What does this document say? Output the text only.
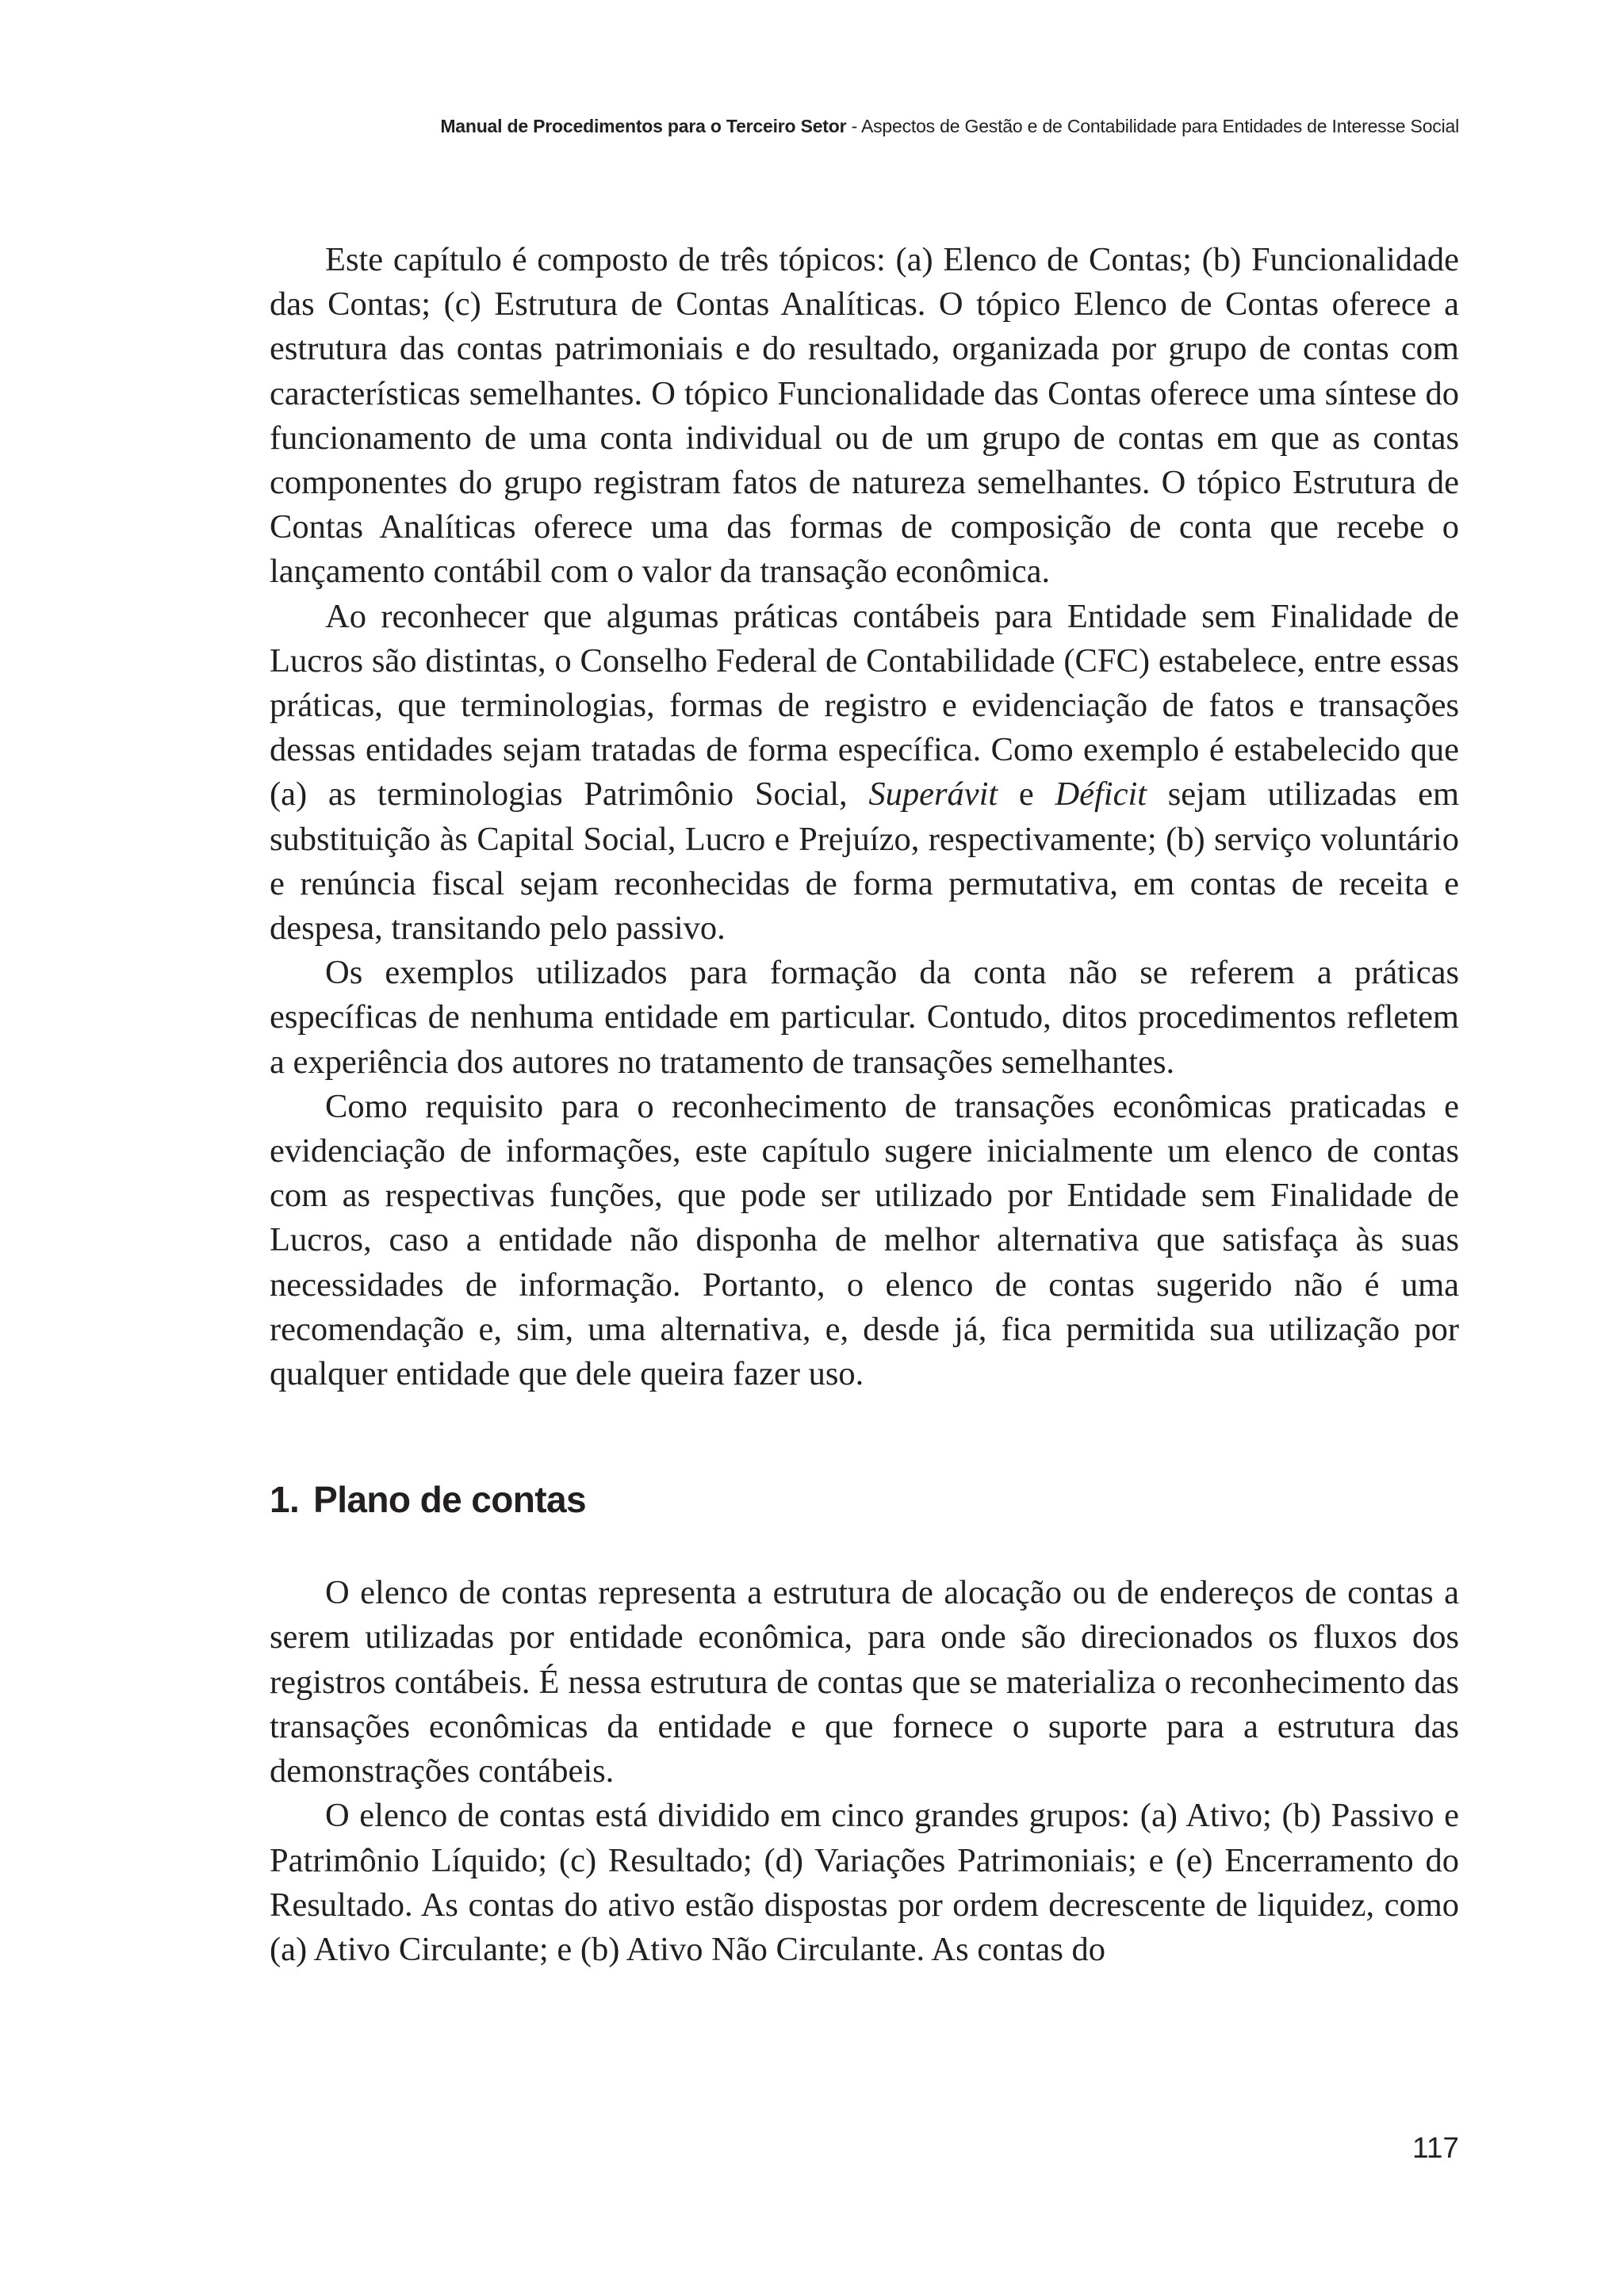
Manual de Procedimentos para o Terceiro Setor - Aspectos de Gestão e de Contabilidade para Entidades de Interesse Social

Este capítulo é composto de três tópicos: (a) Elenco de Contas; (b) Funcionalidade das Contas; (c) Estrutura de Contas Analíticas. O tópico Elenco de Contas oferece a estrutura das contas patrimoniais e do resultado, organizada por grupo de contas com características semelhantes. O tópico Funcionalidade das Contas oferece uma síntese do funcionamento de uma conta individual ou de um grupo de contas em que as contas componentes do grupo registram fatos de natureza semelhantes. O tópico Estrutura de Contas Analíticas oferece uma das formas de composição de conta que recebe o lançamento contábil com o valor da transação econômica.

Ao reconhecer que algumas práticas contábeis para Entidade sem Finalidade de Lucros são distintas, o Conselho Federal de Contabilidade (CFC) estabelece, entre essas práticas, que terminologias, formas de registro e evidenciação de fatos e transações dessas entidades sejam tratadas de forma específica. Como exemplo é estabelecido que (a) as terminologias Patrimônio Social, Superávit e Déficit sejam utilizadas em substituição às Capital Social, Lucro e Prejuízo, respectivamente; (b) serviço voluntário e renúncia fiscal sejam reconhecidas de forma permutativa, em contas de receita e despesa, transitando pelo passivo.

Os exemplos utilizados para formação da conta não se referem a práticas específicas de nenhuma entidade em particular. Contudo, ditos procedimentos refletem a experiência dos autores no tratamento de transações semelhantes.

Como requisito para o reconhecimento de transações econômicas praticadas e evidenciação de informações, este capítulo sugere inicialmente um elenco de contas com as respectivas funções, que pode ser utilizado por Entidade sem Finalidade de Lucros, caso a entidade não disponha de melhor alternativa que satisfaça às suas necessidades de informação. Portanto, o elenco de contas sugerido não é uma recomendação e, sim, uma alternativa, e, desde já, fica permitida sua utilização por qualquer entidade que dele queira fazer uso.

1. Plano de contas

O elenco de contas representa a estrutura de alocação ou de endereços de contas a serem utilizadas por entidade econômica, para onde são direcionados os fluxos dos registros contábeis. É nessa estrutura de contas que se materializa o reconhecimento das transações econômicas da entidade e que fornece o suporte para a estrutura das demonstrações contábeis.

O elenco de contas está dividido em cinco grandes grupos: (a) Ativo; (b) Passivo e Patrimônio Líquido; (c) Resultado; (d) Variações Patrimoniais; e (e) Encerramento do Resultado. As contas do ativo estão dispostas por ordem decrescente de liquidez, como (a) Ativo Circulante; e (b) Ativo Não Circulante. As contas do

117
